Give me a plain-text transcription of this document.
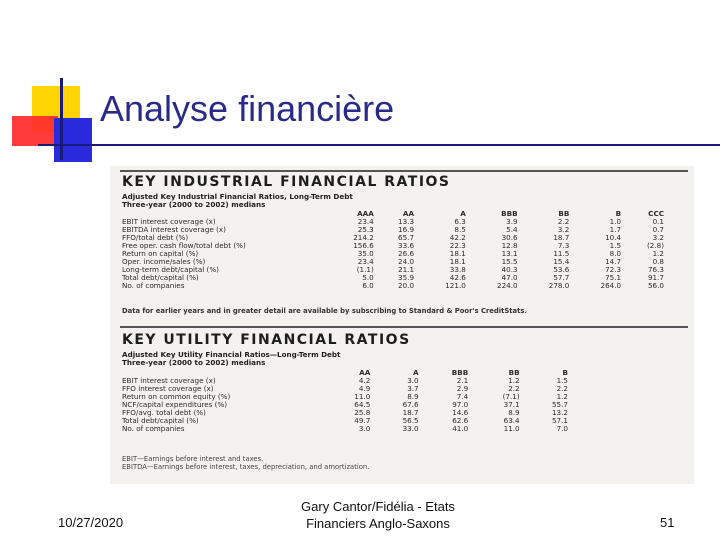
Analyse financière
KEY INDUSTRIAL FINANCIAL RATIOS
Adjusted Key Industrial Financial Ratios, Long-Term Debt
Three-year (2000 to 2002) medians
	AAA	AA	A	BBB	BB	B	CCC
EBIT interest coverage (x)	23.4	13.3	6.3	3.9	2.2	1.0	0.1
EBITDA interest coverage (x)	25.3	16.9	8.5	5.4	3.2	1.7	0.7
FFO/total debt (%)	214.2	65.7	42.2	30.6	18.7	10.4	3.2
Free oper. cash flow/total debt (%)	156.6	33.6	22.3	12.8	7.3	1.5	(2.8)
Return on capital (%)	35.0	26.6	18.1	13.1	11.5	8.0	1.2
Oper. income/sales (%)	23.4	24.0	18.1	15.5	15.4	14.7	0.8
Long-term debt/capital (%)	(1.1)	21.1	33.8	40.3	53.6	72.3	76.3
Total debt/capital (%)	5.0	35.9	42.6	47.0	57.7	75.1	91.7
No. of companies	6.0	20.0	121.0	224.0	278.0	264.0	56.0
Data for earlier years and in greater detail are available by subscribing to Standard & Poor's CreditStats.
KEY UTILITY FINANCIAL RATIOS
Adjusted Key Utility Financial Ratios—Long-Term Debt
Three-year (2000 to 2002) medians
	AA	A	BBB	BB	B
EBIT interest coverage (x)	4.2	3.0	2.1	1.2	1.5
FFO interest coverage (x)	4.9	3.7	2.9	2.2	2.2
Return on common equity (%)	11.0	8.9	7.4	(7.1)	1.2
NCF/capital expenditures (%)	64.5	67.6	97.0	37.1	55.7
FFO/avg. total debt (%)	25.8	18.7	14.6	8.9	13.2
Total debt/capital (%)	49.7	56.5	62.6	63.4	57.1
No. of companies	3.0	33.0	41.0	11.0	7.0
EBIT—Earnings before interest and taxes.
EBITDA—Earnings before interest, taxes, depreciation, and amortization.
10/27/2020
Gary Cantor/Fidélia - Etats
Financiers Anglo-Saxons	51
